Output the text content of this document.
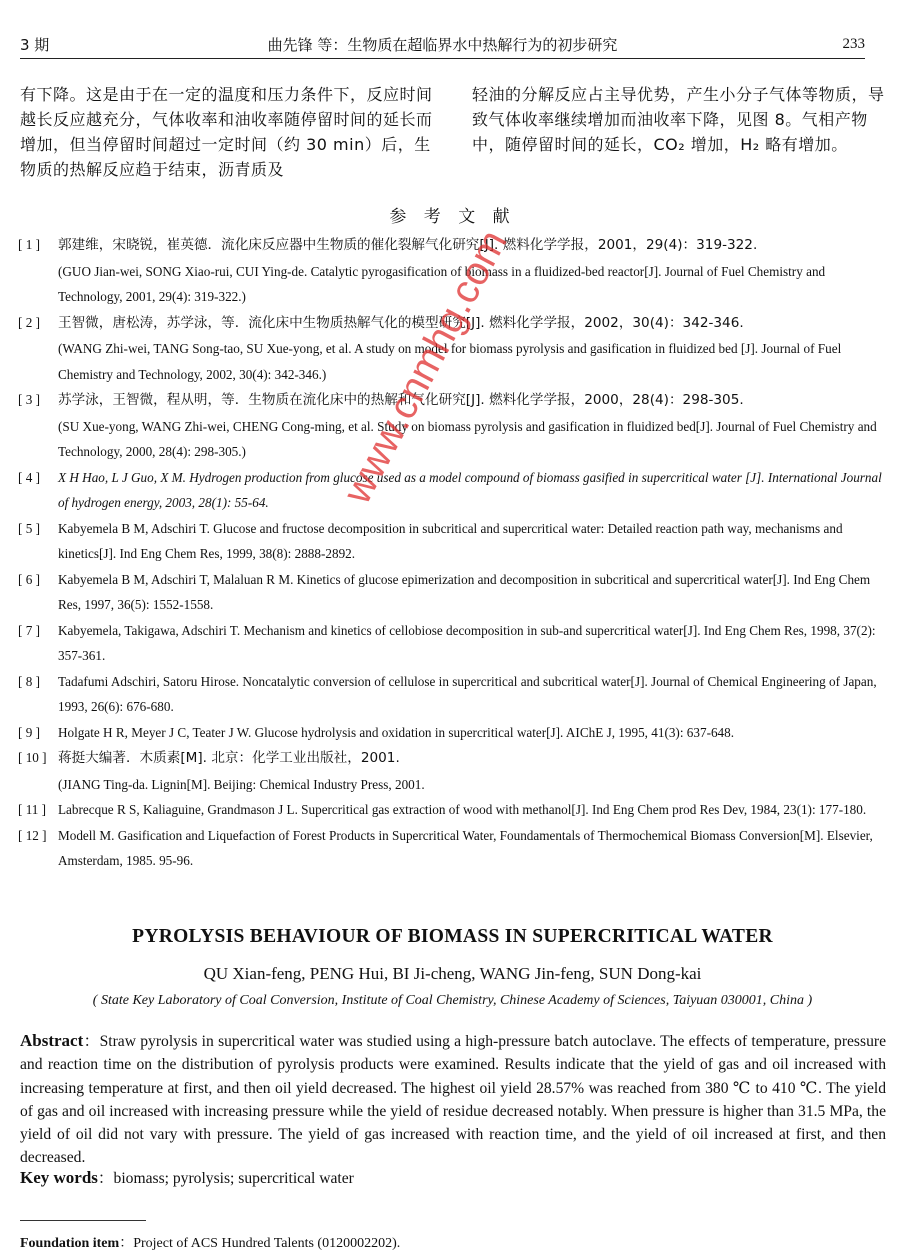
3 期	曲先锋 等：生物质在超临界水中热解行为的初步研究	233
有下降。这是由于在一定的温度和压力条件下，反应时间越长反应越充分，气体收率和油收率随停留时间的延长而增加，但当停留时间超过一定时间（约 30 min）后，生物质的热解反应趋于结束，沥青质及
轻油的分解反应占主导优势，产生小分子气体等物质，导致气体收率继续增加而油收率下降，见图 8。气相产物中，随停留时间的延长，CO₂ 增加，H₂ 略有增加。
参 考 文 献
[ 1 ] 郭建维，宋晓锐，崔英德．流化床反应器中生物质的催化裂解气化研究[J]. 燃料化学学报，2001，29(4)：319-322.
(GUO Jian-wei, SONG Xiao-rui, CUI Ying-de. Catalytic pyrogasification of biomass in a fluidized-bed reactor[J]. Journal of Fuel Chemistry and Technology, 2001, 29(4): 319-322.)
[ 2 ] 王智微，唐松涛，苏学泳，等．流化床中生物质热解气化的模型研究[J]. 燃料化学学报，2002，30(4)：342-346.
(WANG Zhi-wei, TANG Song-tao, SU Xue-yong, et al. A study on model for biomass pyrolysis and gasification in fluidized bed [J]. Journal of Fuel Chemistry and Technology, 2002, 30(4): 342-346.)
[ 3 ] 苏学泳，王智微，程从明，等．生物质在流化床中的热解和气化研究[J]. 燃料化学学报，2000，28(4)：298-305.
(SU Xue-yong, WANG Zhi-wei, CHENG Cong-ming, et al. Study on biomass pyrolysis and gasification in fluidized bed[J]. Journal of Fuel Chemistry and Technology, 2000, 28(4): 298-305.)
[ 4 ] X H Hao, L J Guo, X M. Hydrogen production from glucose used as a model compound of biomass gasified in supercritical water [J]. International Journal of hydrogen energy, 2003, 28(1): 55-64.
[ 5 ] Kabyemela B M, Adschiri T. Glucose and fructose decomposition in subcritical and supercritical water: Detailed reaction path way, mechanisms and kinetics[J]. Ind Eng Chem Res, 1999, 38(8): 2888-2892.
[ 6 ] Kabyemela B M, Adschiri T, Malaluan R M. Kinetics of glucose epimerization and decomposition in subcritical and supercritical water[J]. Ind Eng Chem Res, 1997, 36(5): 1552-1558.
[ 7 ] Kabyemela, Takigawa, Adschiri T. Mechanism and kinetics of cellobiose decomposition in sub-and supercritical water[J]. Ind Eng Chem Res, 1998, 37(2): 357-361.
[ 8 ] Tadafumi Adschiri, Satoru Hirose. Noncatalytic conversion of cellulose in supercritical and subcritical water[J]. Journal of Chemical Engineering of Japan, 1993, 26(6): 676-680.
[ 9 ] Holgate H R, Meyer J C, Teater J W. Glucose hydrolysis and oxidation in supercritical water[J]. AIChE J, 1995, 41(3): 637-648.
[ 10 ] 蒋挺大编著．木质素[M]. 北京：化学工业出版社，2001.
(JIANG Ting-da. Lignin[M]. Beijing: Chemical Industry Press, 2001.
[ 11 ] Labrecque R S, Kaliaguine, Grandmason J L. Supercritical gas extraction of wood with methanol[J]. Ind Eng Chem prod Res Dev, 1984, 23(1): 177-180.
[ 12 ] Modell M. Gasification and Liquefaction of Forest Products in Supercritical Water, Foundamentals of Thermochemical Biomass Conversion[M]. Elsevier, Amsterdam, 1985. 95-96.
www.cnmhg.com
PYROLYSIS BEHAVIOUR OF BIOMASS IN SUPERCRITICAL WATER
QU Xian-feng, PENG Hui, BI Ji-cheng, WANG Jin-feng, SUN Dong-kai
( State Key Laboratory of Coal Conversion, Institute of Coal Chemistry, Chinese Academy of Sciences, Taiyuan 030001, China )
Abstract：Straw pyrolysis in supercritical water was studied using a high-pressure batch autoclave. The effects of temperature, pressure and reaction time on the distribution of pyrolysis products were examined. Results indicate that the yield of gas and oil increased with increasing temperature at first, and then oil yield decreased. The highest oil yield 28.57% was reached from 380 ℃ to 410 ℃. The yield of gas and oil increased with increasing pressure while the yield of residue decreased notably. When pressure is higher than 31.5 MPa, the yield of oil did not vary with pressure. The yield of gas increased with reaction time, and the yield of oil increased at first, and then decreased.
Key words：biomass; pyrolysis; supercritical water
Foundation item：Project of ACS Hundred Talents (0120002202).
